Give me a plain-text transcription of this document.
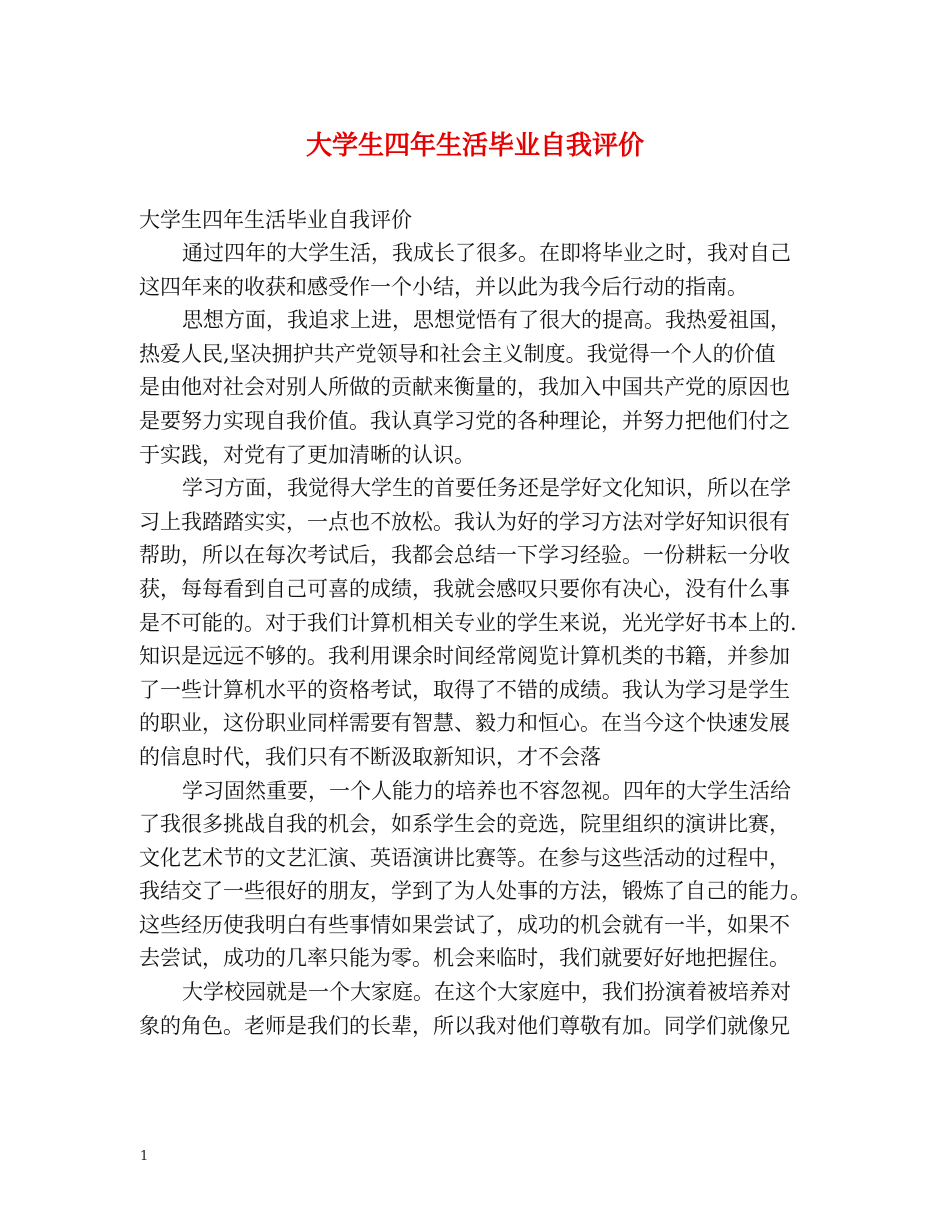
大学生四年生活毕业自我评价

大学生四年生活毕业自我评价

通过四年的大学生活，我成长了很多。在即将毕业之时，我对自己
这四年来的收获和感受作一个小结，并以此为我今后行动的指南。

思想方面，我追求上进，思想觉悟有了很大的提高。我热爱祖国，
热爱人民,坚决拥护共产党领导和社会主义制度。我觉得一个人的价值
是由他对社会对别人所做的贡献来衡量的，我加入中国共产党的原因也
是要努力实现自我价值。我认真学习党的各种理论，并努力把他们付之
于实践，对党有了更加清晰的认识。

学习方面，我觉得大学生的首要任务还是学好文化知识，所以在学
习上我踏踏实实，一点也不放松。我认为好的学习方法对学好知识很有
帮助，所以在每次考试后，我都会总结一下学习经验。一份耕耘一分收
获，每每看到自己可喜的成绩，我就会感叹只要你有决心，没有什么事
是不可能的。对于我们计算机相关专业的学生来说，光光学好书本上的.
知识是远远不够的。我利用课余时间经常阅览计算机类的书籍，并参加
了一些计算机水平的资格考试，取得了不错的成绩。我认为学习是学生
的职业，这份职业同样需要有智慧、毅力和恒心。在当今这个快速发展
的信息时代，我们只有不断汲取新知识，才不会落

学习固然重要，一个人能力的培养也不容忽视。四年的大学生活给
了我很多挑战自我的机会，如系学生会的竞选，院里组织的演讲比赛，
文化艺术节的文艺汇演、英语演讲比赛等。在参与这些活动的过程中，
我结交了一些很好的朋友，学到了为人处事的方法，锻炼了自己的能力。
这些经历使我明白有些事情如果尝试了，成功的机会就有一半，如果不
去尝试，成功的几率只能为零。机会来临时，我们就要好好地把握住。

大学校园就是一个大家庭。在这个大家庭中，我们扮演着被培养对
象的角色。老师是我们的长辈，所以我对他们尊敬有加。同学们就像兄

1
